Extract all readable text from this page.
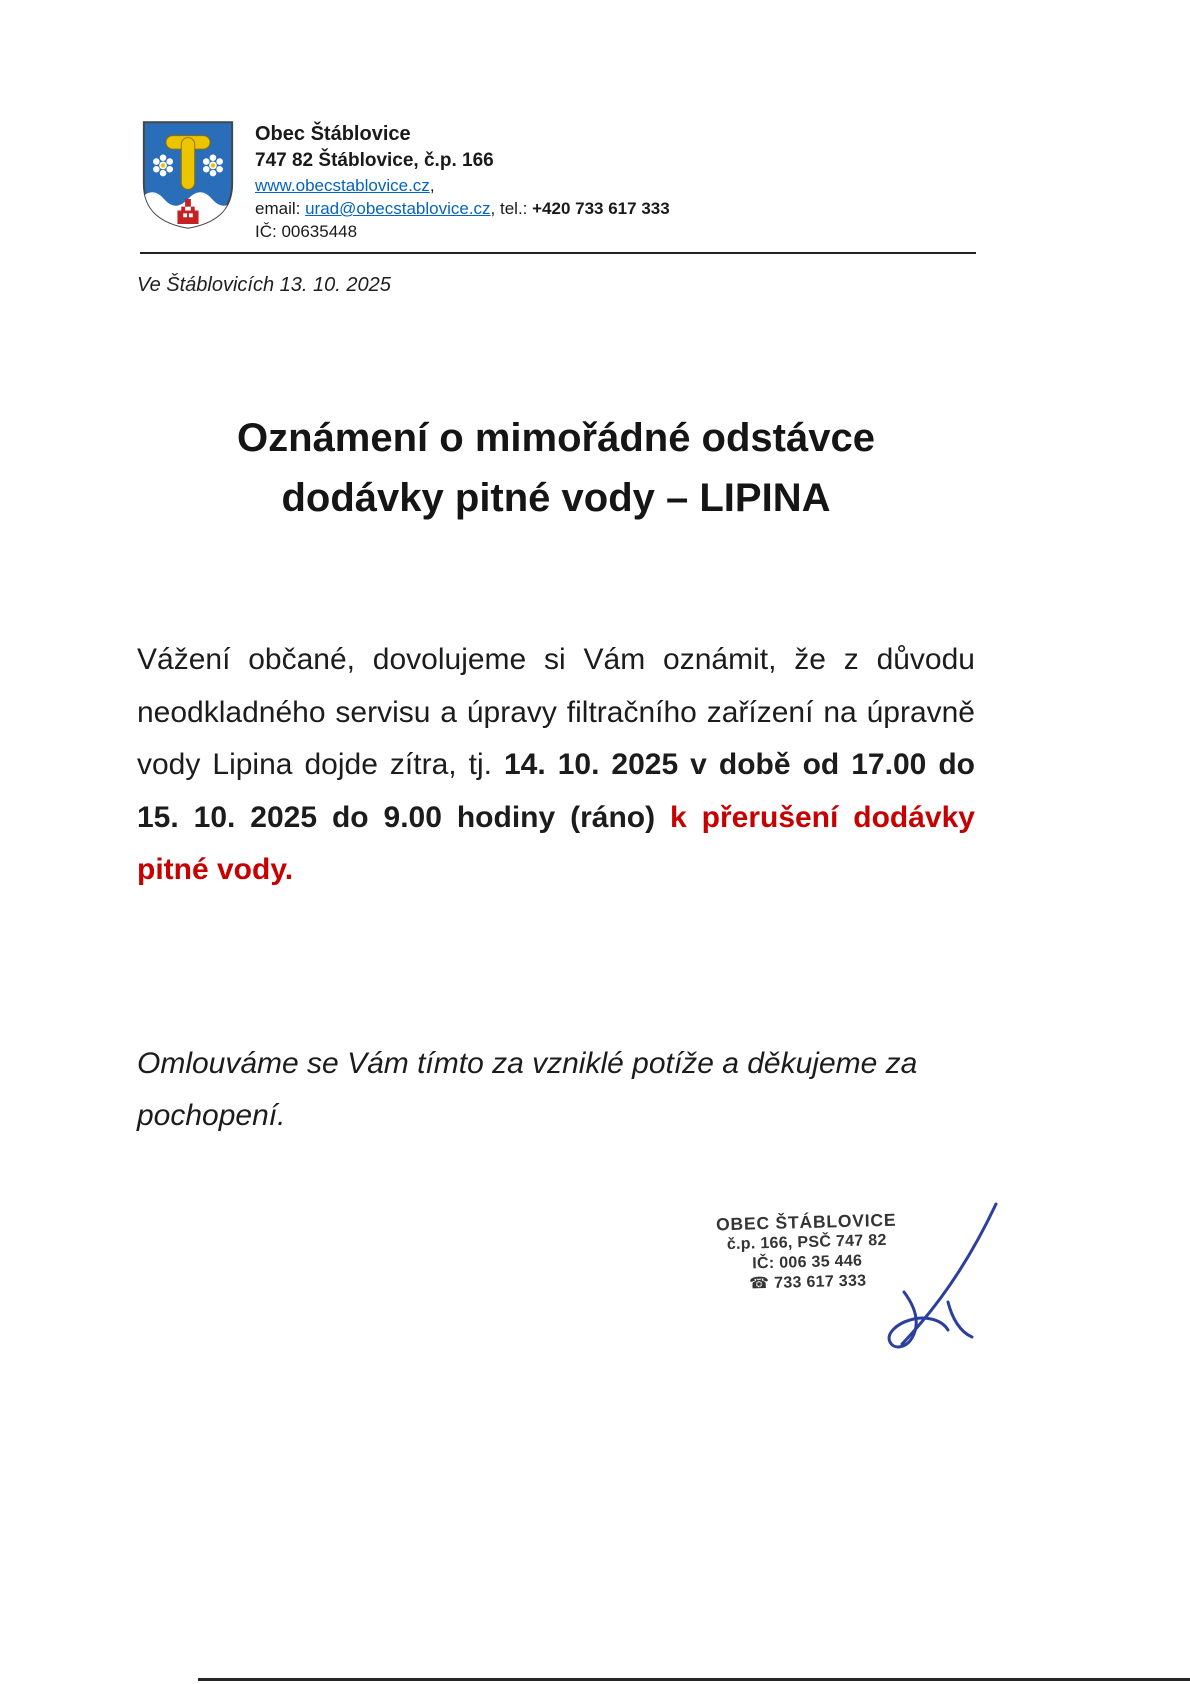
Obec Štáblovice
747 82 Štáblovice, č.p. 166
www.obecstablovice.cz,
email: urad@obecstablovice.cz, tel.: +420 733 617 333
IČ: 00635448
Ve Štáblovicích 13. 10. 2025
Oznámení o mimořádné odstávce
dodávky pitné vody – LIPINA

Vážení občané, dovolujeme si Vám oznámit, že z důvodu neodkladného servisu a úpravy filtračního zařízení na úpravně vody Lipina dojde zítra, tj. 14. 10. 2025 v době od 17.00 do 15. 10. 2025 do 9.00 hodiny (ráno) k přerušení dodávky pitné vody.

Omlouváme se Vám tímto za vzniklé potíže a děkujeme za pochopení.

OBEC ŠTÁBLOVICE
č.p. 166, PSČ 747 82
IČ: 006 35 446
☎ 733 617 333
